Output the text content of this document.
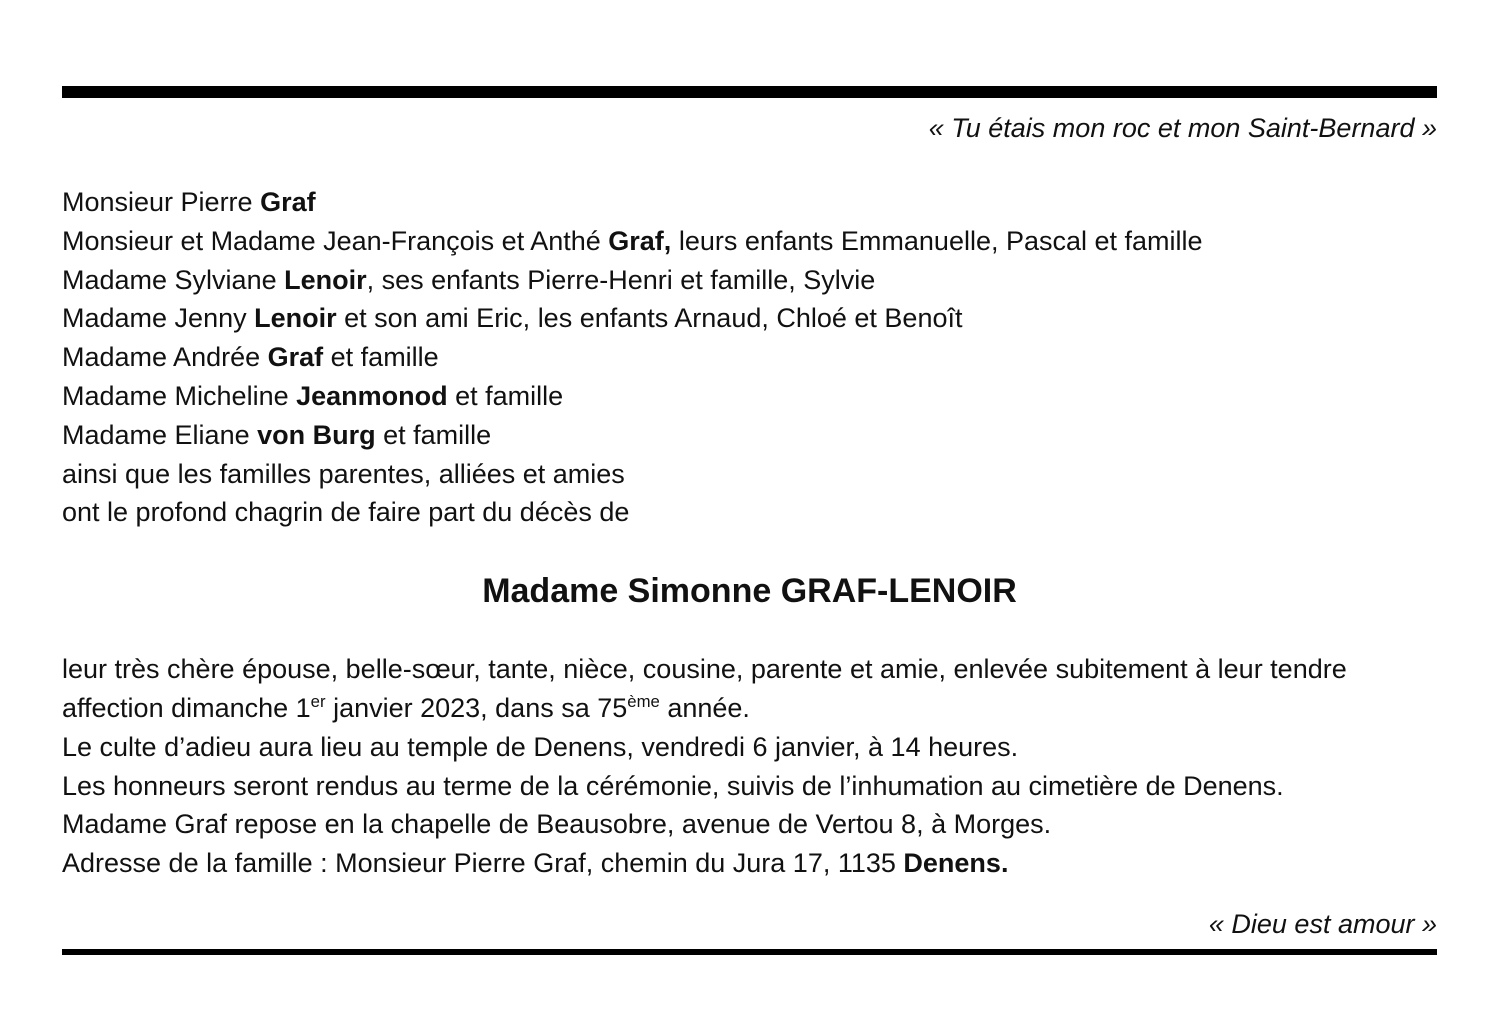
« Tu étais mon roc et mon Saint-Bernard »

Monsieur Pierre Graf

Monsieur et Madame Jean-François et Anthé Graf, leurs enfants Emmanuelle, Pascal et famille

Madame Sylviane Lenoir, ses enfants Pierre-Henri et famille, Sylvie

Madame Jenny Lenoir et son ami Eric, les enfants Arnaud, Chloé et Benoît

Madame Andrée Graf et famille

Madame Micheline Jeanmonod et famille

Madame Eliane von Burg et famille

ainsi que les familles parentes, alliées et amies

ont le profond chagrin de faire part du décès de

Madame Simonne GRAF-LENOIR

leur très chère épouse, belle-sœur, tante, nièce, cousine, parente et amie, enlevée subitement à leur tendre affection dimanche 1er janvier 2023, dans sa 75ème année.

Le culte d’adieu aura lieu au temple de Denens, vendredi 6 janvier, à 14 heures.

Les honneurs seront rendus au terme de la cérémonie, suivis de l’inhumation au cimetière de Denens.

Madame Graf repose en la chapelle de Beausobre, avenue de Vertou 8, à Morges.

Adresse de la famille : Monsieur Pierre Graf, chemin du Jura 17, 1135 Denens.

« Dieu est amour »
